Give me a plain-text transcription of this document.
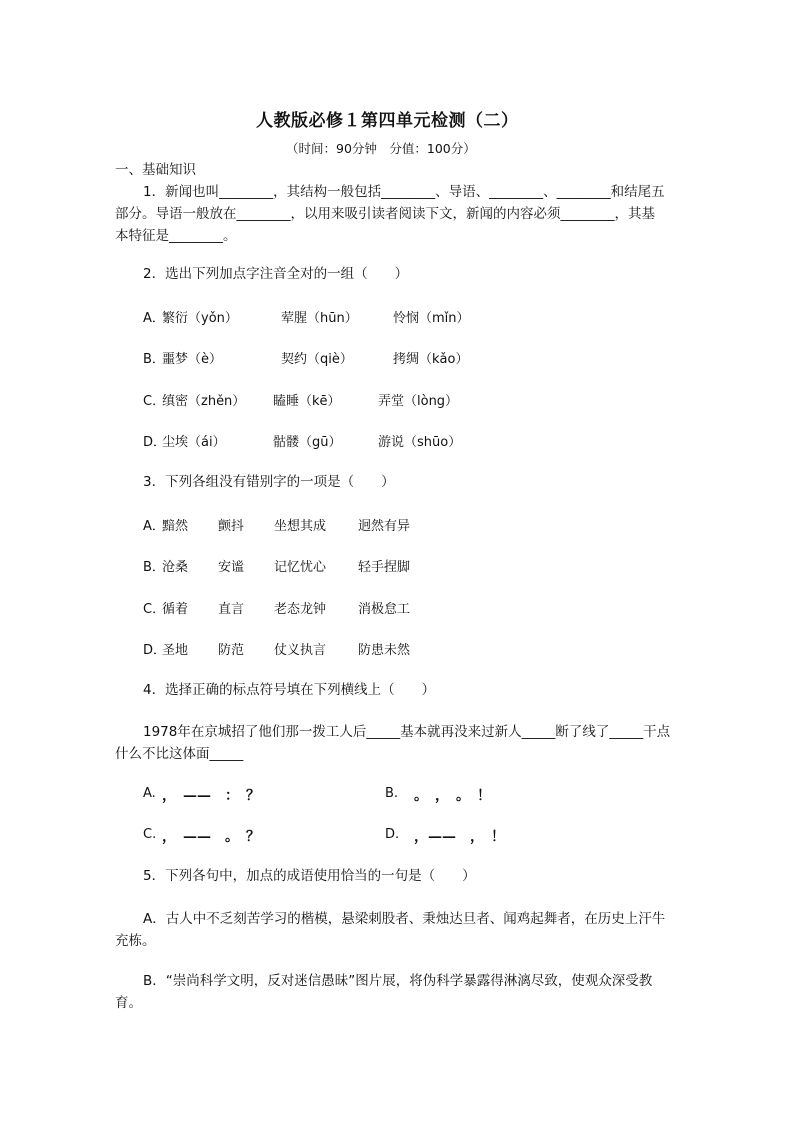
人教版必修１第四单元检测（二）
（时间：90分钟　分值：100分）
一、基础知识
1．新闻也叫________，其结构一般包括________、导语、________、________和结尾五
部分。导语一般放在________，以用来吸引读者阅读下文，新闻的内容必须________，其基
本特征是________。
2．选出下列加点字注音全对的一组（　　）
A．
繁衍（yǒn）	荤腥（hūn）	怜悯（mǐn）
B．
噩梦（è）	契约（qiè）	拷绸（kǎo）
C．
缜密（zhěn） 瞌睡（kē）	弄堂（lòng）
D．
尘埃（ái）	骷髅（gū）	游说（shūo）
3．下列各组没有错别字的一项是（　　）
A．
黯然 颤抖 坐想其成 迥然有异
B．
沧桑 安谧 记忆忧心 轻手捏脚
C．
循着 直言 老态龙钟 消极怠工
D．
圣地 防范 仗义执言 防患未然
4．选择正确的标点符号填在下列横线上（　　）
1978年在京城招了他们那一拨工人后_____基本就再没来过新人_____断了线了_____干点
什么不比这体面_____
A. ，　——　：　？	B. 　。　，　。　！
C. ，　——　。　？	D. 　，——　，　！
5．下列各句中，加点的成语使用恰当的一句是（　　）
A．古人中不乏刻苦学习的楷模，悬梁刺股者、秉烛达旦者、闻鸡起舞者，在历史上汗牛
充栋。
B．“崇尚科学文明，反对迷信愚昧”图片展，将伪科学暴露得淋漓尽致，使观众深受教
育。
